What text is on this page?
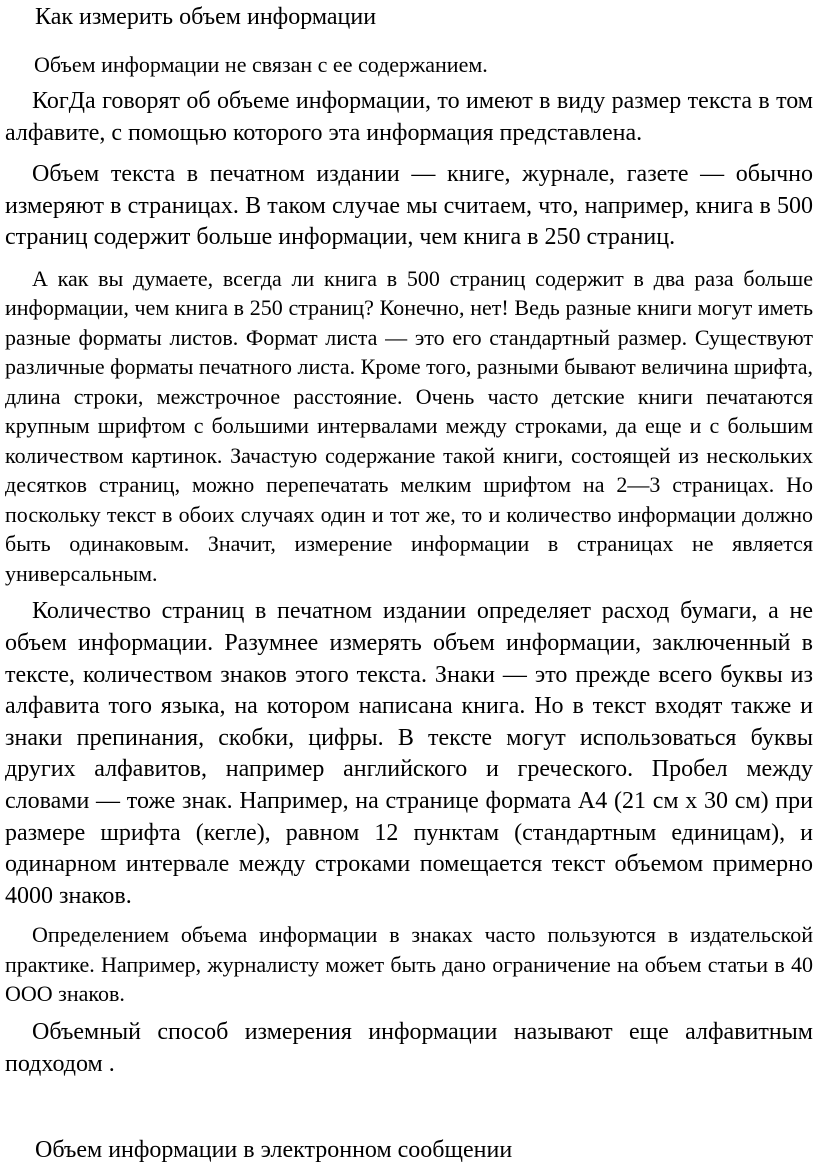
Как измерить объем информации

Объем информации не связан с ее содержанием.

КогДа говорят об объеме информации, то имеют в виду размер текста в том алфавите, с помощью которого эта информация представлена.

Объем текста в печатном издании — книге, журнале, газете — обычно измеряют в страницах. В таком случае мы считаем, что, например, книга в 500 страниц содержит больше информации, чем книга в 250 страниц.

А как вы думаете, всегда ли книга в 500 страниц содержит в два раза больше информации, чем книга в 250 страниц? Конечно, нет! Ведь разные книги могут иметь разные форматы листов. Формат листа — это его стандартный размер. Существуют различные форматы печатного листа. Кроме того, разными бывают величина шрифта, длина строки, межстрочное расстояние. Очень часто детские книги печатаются крупным шрифтом с большими интервалами между строками, да еще и с большим количеством картинок. Зачастую содержание такой книги, состоящей из нескольких десятков страниц, можно перепечатать мелким шрифтом на 2—3 страницах. Но поскольку текст в обоих случаях один и тот же, то и количество информации должно быть одинаковым. Значит, измерение информации в страницах не является универсальным.

Количество страниц в печатном издании определяет расход бумаги, а не объем информации. Разумнее измерять объем информации, заключенный в тексте, количеством знаков этого текста. Знаки — это прежде всего буквы из алфавита того языка, на котором написана книга. Но в текст входят также и знаки препинания, скобки, цифры. В тексте могут использоваться буквы других алфавитов, например английского и греческого. Пробел между словами — тоже знак. Например, на странице формата А4 (21 см х 30 см) при размере шрифта (кегле), равном 12 пунктам (стандартным единицам), и одинарном интервале между строками помещается текст объемом примерно 4000 знаков.

Определением объема информации в знаках часто пользуются в издательской практике. Например, журналисту может быть дано ограничение на объем статьи в 40 ООО знаков.

Объемный способ измерения информации называют еще алфавитным подходом .

Объем информации в электронном сообщении
